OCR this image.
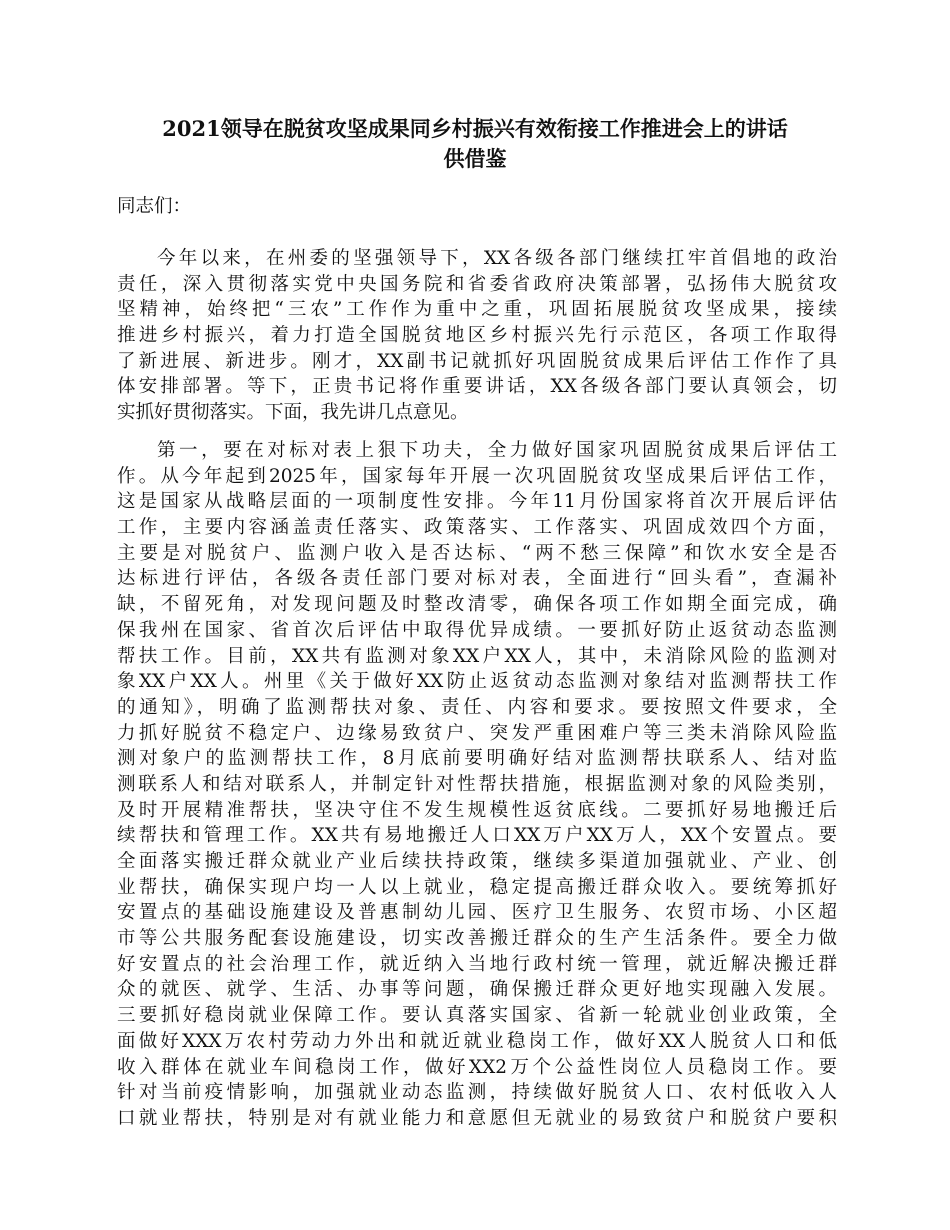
2021领导在脱贫攻坚成果同乡村振兴有效衔接工作推进会上的讲话
供借鉴
同志们：
今年以来，在州委的坚强领导下，XX各级各部门继续扛牢首倡地的政治
责任，深入贯彻落实党中央国务院和省委省政府决策部署，弘扬伟大脱贫攻
坚精神，始终把“三农”工作作为重中之重，巩固拓展脱贫攻坚成果，接续
推进乡村振兴，着力打造全国脱贫地区乡村振兴先行示范区，各项工作取得
了新进展、新进步。刚才，XX副书记就抓好巩固脱贫成果后评估工作作了具
体安排部署。等下，正贵书记将作重要讲话，XX各级各部门要认真领会，切
实抓好贯彻落实。下面，我先讲几点意见。
第一，要在对标对表上狠下功夫，全力做好国家巩固脱贫成果后评估工
作。从今年起到2025年，国家每年开展一次巩固脱贫攻坚成果后评估工作，
这是国家从战略层面的一项制度性安排。今年11月份国家将首次开展后评估
工作，主要内容涵盖责任落实、政策落实、工作落实、巩固成效四个方面，
主要是对脱贫户、监测户收入是否达标、“两不愁三保障”和饮水安全是否
达标进行评估，各级各责任部门要对标对表，全面进行“回头看”，查漏补
缺，不留死角，对发现问题及时整改清零，确保各项工作如期全面完成，确
保我州在国家、省首次后评估中取得优异成绩。一要抓好防止返贫动态监测
帮扶工作。目前，XX共有监测对象XX户XX人，其中，未消除风险的监测对
象XX户XX人。州里《关于做好XX防止返贫动态监测对象结对监测帮扶工作
的通知》，明确了监测帮扶对象、责任、内容和要求。要按照文件要求，全
力抓好脱贫不稳定户、边缘易致贫户、突发严重困难户等三类未消除风险监
测对象户的监测帮扶工作，8月底前要明确好结对监测帮扶联系人、结对监
测联系人和结对联系人，并制定针对性帮扶措施，根据监测对象的风险类别，
及时开展精准帮扶，坚决守住不发生规模性返贫底线。二要抓好易地搬迁后
续帮扶和管理工作。XX共有易地搬迁人口XX万户XX万人，XX个安置点。要
全面落实搬迁群众就业产业后续扶持政策，继续多渠道加强就业、产业、创
业帮扶，确保实现户均一人以上就业，稳定提高搬迁群众收入。要统筹抓好
安置点的基础设施建设及普惠制幼儿园、医疗卫生服务、农贸市场、小区超
市等公共服务配套设施建设，切实改善搬迁群众的生产生活条件。要全力做
好安置点的社会治理工作，就近纳入当地行政村统一管理，就近解决搬迁群
众的就医、就学、生活、办事等问题，确保搬迁群众更好地实现融入发展。
三要抓好稳岗就业保障工作。要认真落实国家、省新一轮就业创业政策，全
面做好XXX万农村劳动力外出和就近就业稳岗工作，做好XX人脱贫人口和低
收入群体在就业车间稳岗工作，做好XX2万个公益性岗位人员稳岗工作。要
针对当前疫情影响，加强就业动态监测，持续做好脱贫人口、农村低收入人
口就业帮扶，特别是对有就业能力和意愿但无就业的易致贫户和脱贫户要积
